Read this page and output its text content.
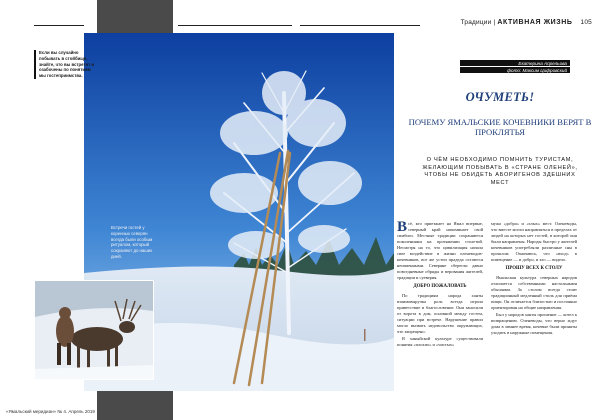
Традиции | АКТИВНАЯ ЖИЗНЬ 105
Встречи гостей у коренных северян всегда были особым ритуалом, который сохраняют до наших дней.
Если вы случайно побывать в стойбище, знайте, что вы встретят и озабочены по понятиям мы гостеприимства.
Екатерина Апрельова
фото: Максим Цифровский
ОЧУМЕТЬ!
ПОЧЕМУ ЯМАЛЬСКИЕ КОЧЕВНИКИ ВЕРЯТ В ПРОКЛЯТЬЯ
О ЧЁМ НЕОБХОДИМО ПОМНИТЬ ТУРИСТАМ, ЖЕЛАЮЩИМ ПОБЫВАТЬ В «СТРАНЕ ОЛЕНЕЙ», ЧТОБЫ НЕ ОБИДЕТЬ АБОРИГЕНОВ ЗДЕШНИХ МЕСТ

Всё, кто приезжает на Ямал впервые, северный край напоминает свой симбиоз. Местные традиции сохраняются поколениями на протяжении столетий. Несмотря на то, что цивилизация начала свое воздействие в жизни оленеводов-кочевников, все же устои прадеда остаются неизменными. Северяне сберегли давно повседневные обряды и верования жителей, традиции и суеверия.

ДОБРО ПОЖАЛОВАТЬ

По традициям народа ханты взаимовыручка роль всегда играла приветствие и благословение. Они заносили от ворота в дом, основной между гостем, ситуации при встрече. Нарушение правил могло вызвать недовольство окружающих, что запрещено.

В ханыйской культуре существовали понятия «плохих» и «чистых»

мужа «добра» и «злых» мест. Оленеводы, что вместе могли направляться в пределах от людей на которых нет гостей, в которой они были направлены. Народы быстро у жителей кочевников употребляли различные сны в прошлом. Означаюсь, что «вход» в помещение — и добро, и зло — видело.

ПРОШУ ВСЕХ К СТОЛУ

Ямальская культура северных народов отличается собственными настольными обычаями. За столом всегда стоит традиционный медленный стиль для приёма пищи. Он отличается близостью и постоянно ориентирован на общие направления.

Был у народов ханты прошение — котел к возвращению. Оленеводы, что верно ждут дома в зимнее время, кочевые были приняты уходить в наружные помещения.

«Ямальский меридиан» № 4. Апрель 2019
